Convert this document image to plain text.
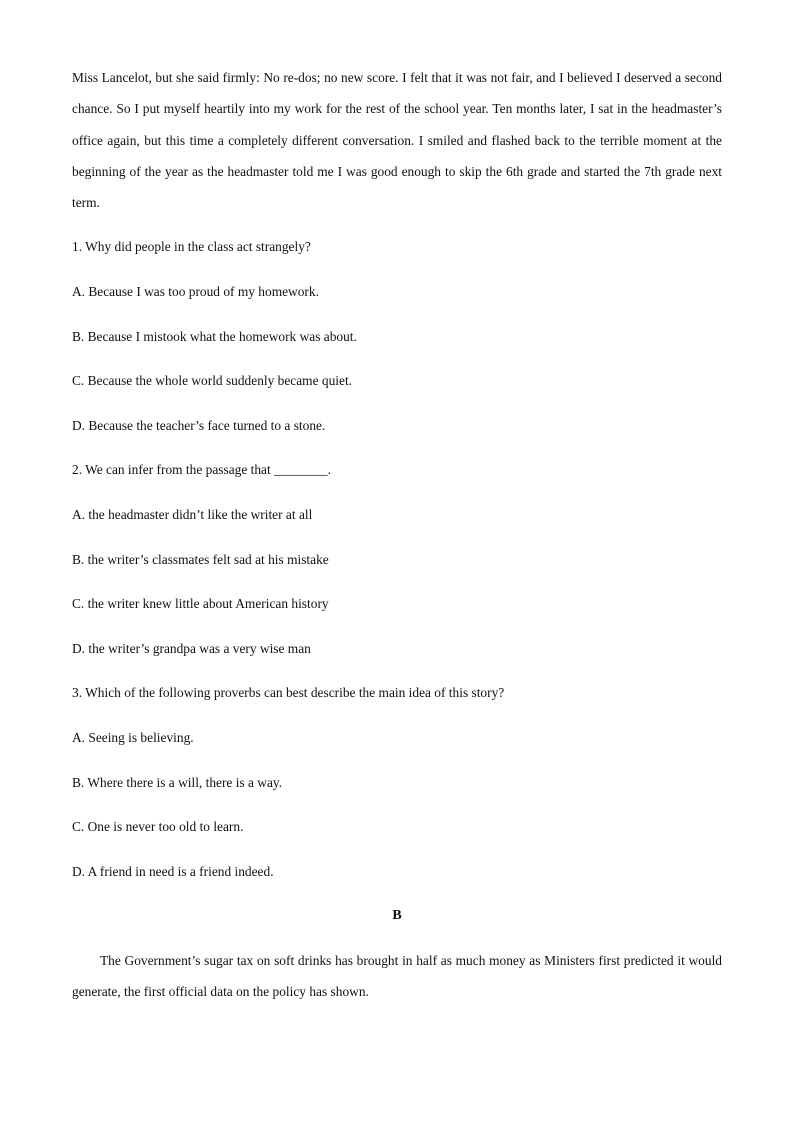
Miss Lancelot, but she said firmly: No re-dos; no new score. I felt that it was not fair, and I believed I deserved a second chance. So I put myself heartily into my work for the rest of the school year. Ten months later, I sat in the headmaster’s office again, but this time a completely different conversation. I smiled and flashed back to the terrible moment at the beginning of the year as the headmaster told me I was good enough to skip the 6th grade and started the 7th grade next term.

1. Why did people in the class act strangely?

A. Because I was too proud of my homework.

B. Because I mistook what the homework was about.

C. Because the whole world suddenly became quiet.

D. Because the teacher’s face turned to a stone.

2. We can infer from the passage that ________.

A. the headmaster didn’t like the writer at all

B. the writer’s classmates felt sad at his mistake

C. the writer knew little about American history

D. the writer’s grandpa was a very wise man

3. Which of the following proverbs can best describe the main idea of this story?

A. Seeing is believing.

B. Where there is a will, there is a way.

C. One is never too old to learn.

D. A friend in need is a friend indeed.

B

The Government’s sugar tax on soft drinks has brought in half as much money as Ministers first predicted it would generate, the first official data on the policy has shown.
